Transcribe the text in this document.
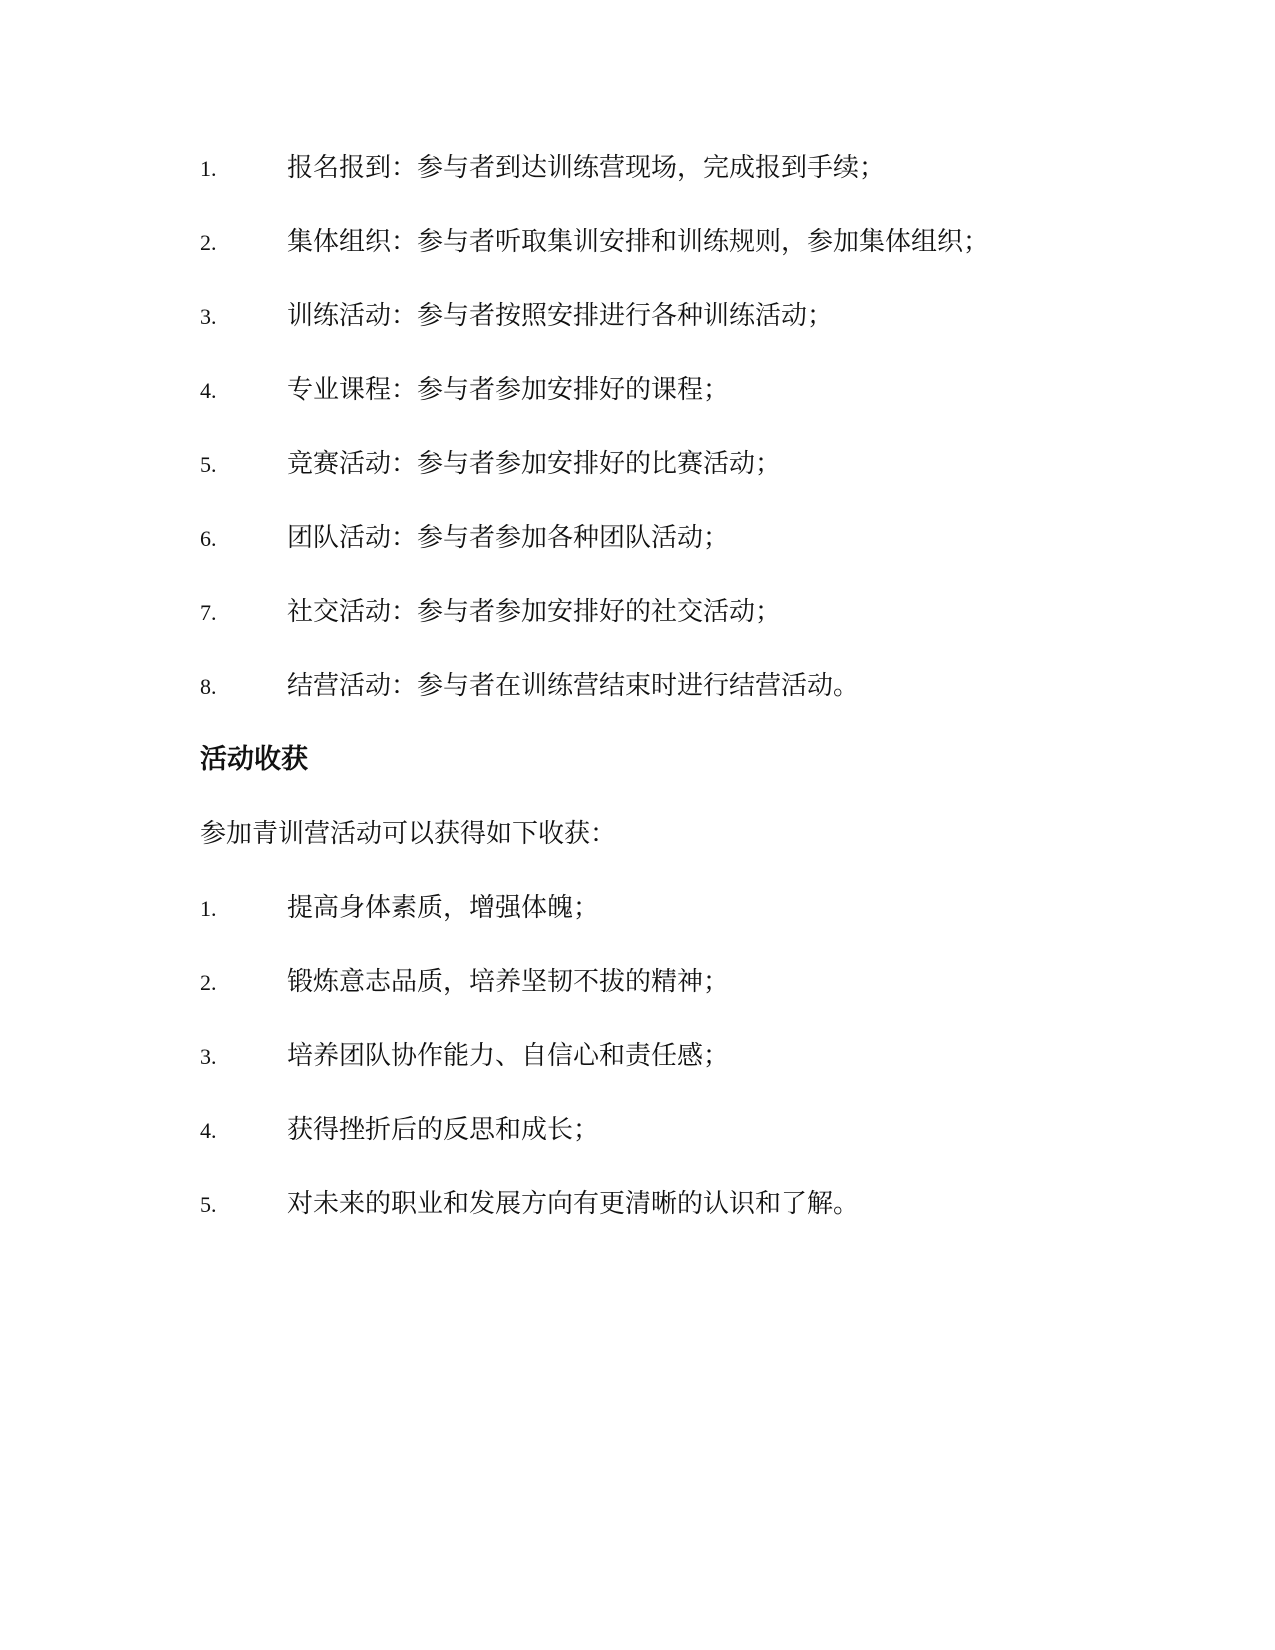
1.	报名报到：参与者到达训练营现场，完成报到手续；
2.	集体组织：参与者听取集训安排和训练规则，参加集体组织；
3.	训练活动：参与者按照安排进行各种训练活动；
4.	专业课程：参与者参加安排好的课程；
5.	竞赛活动：参与者参加安排好的比赛活动；
6.	团队活动：参与者参加各种团队活动；
7.	社交活动：参与者参加安排好的社交活动；
8.	结营活动：参与者在训练营结束时进行结营活动。
活动收获

参加青训营活动可以获得如下收获：

1.	提高身体素质，增强体魄；
2.	锻炼意志品质，培养坚韧不拔的精神；
3.	培养团队协作能力、自信心和责任感；
4.	获得挫折后的反思和成长；
5.	对未来的职业和发展方向有更清晰的认识和了解。
